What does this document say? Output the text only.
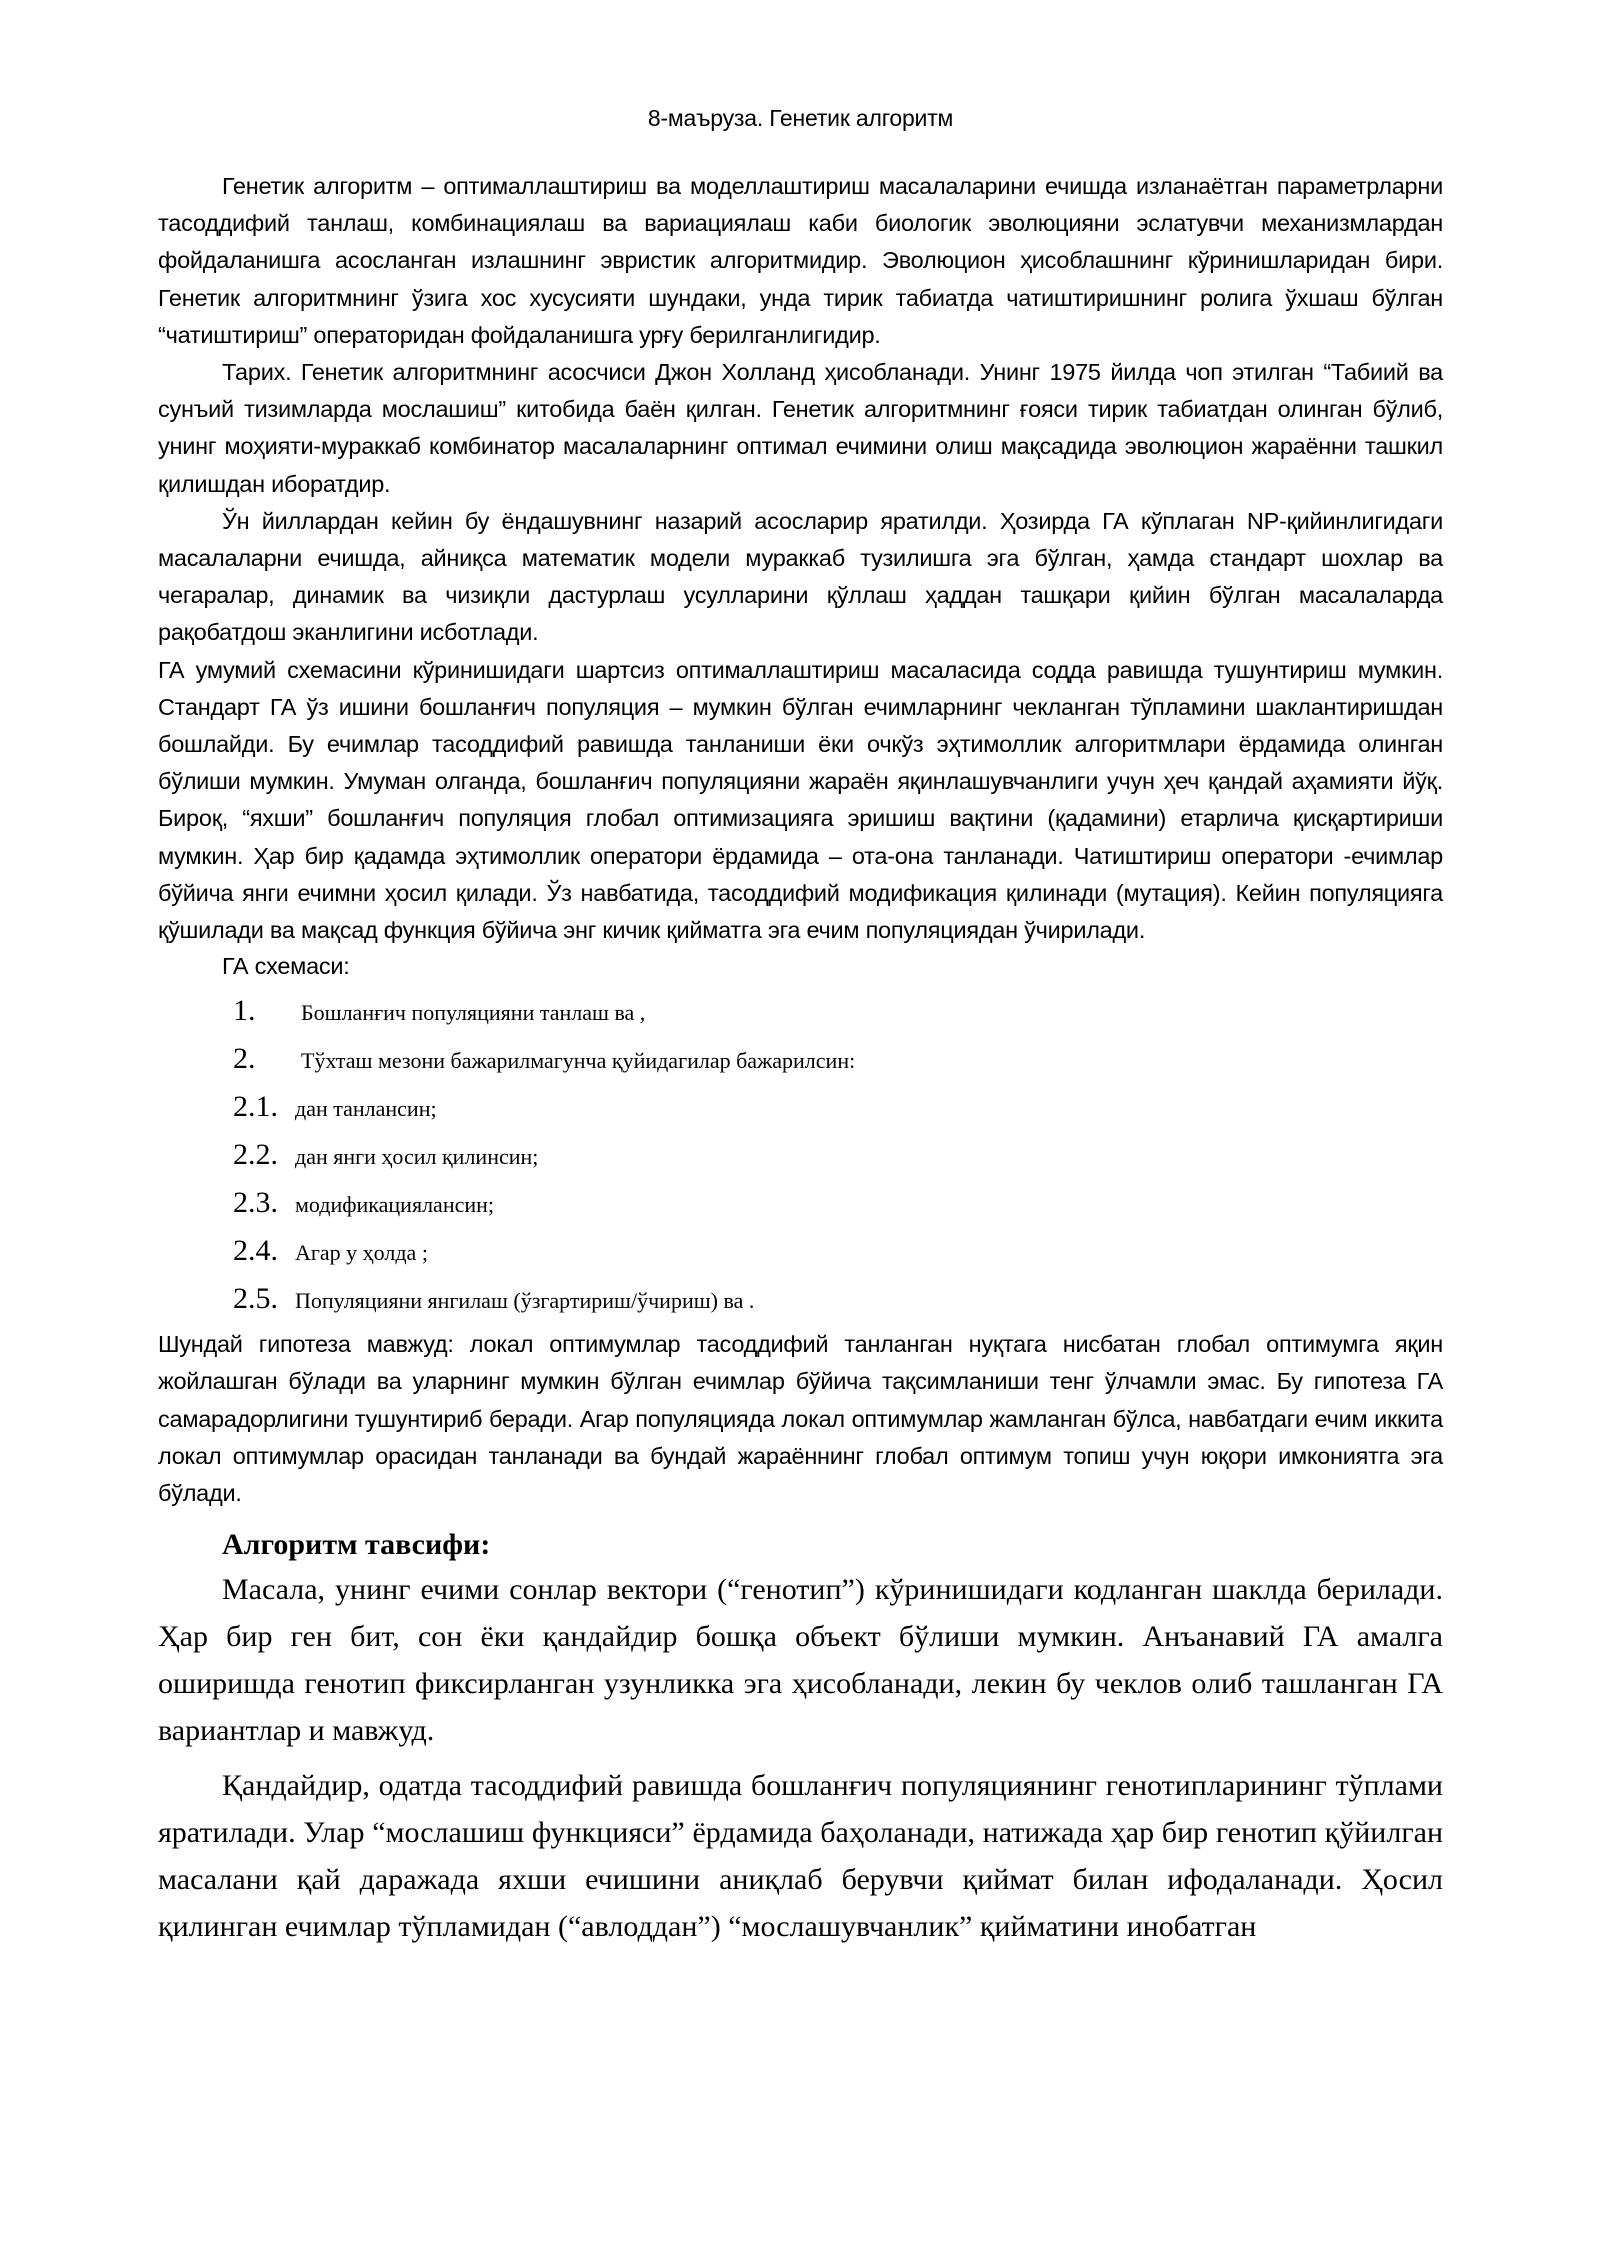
8-маъруза. Генетик алгоритм

Генетик алгоритм – оптималлаштириш ва моделлаштириш масалаларини ечишда изланаётган параметрларни тасоддифий танлаш, комбинациялаш ва вариациялаш каби биологик эволюцияни эслатувчи механизмлардан фойдаланишга асосланган излашнинг эвристик алгоритмидир. Эволюцион ҳисоблашнинг кўринишларидан бири. Генетик алгоритмнинг ўзига хос хусусияти шундаки, унда тирик табиатда чатиштиришнинг ролига ўхшаш бўлган “чатиштириш” операторидан фойдаланишга урғу берилганлигидир.

Тарих. Генетик алгоритмнинг асосчиси Джон Холланд ҳисобланади. Унинг 1975 йилда чоп этилган “Табиий ва сунъий тизимларда мослашиш” китобида баён қилган. Генетик алгоритмнинг ғояси тирик табиатдан олинган бўлиб, унинг моҳияти-мураккаб комбинатор масалаларнинг оптимал ечимини олиш мақсадида эволюцион жараённи ташкил қилишдан иборатдир.

Ўн йиллардан кейин бу ёндашувнинг назарий асосларир яратилди. Ҳозирда ГА кўплаган NP-қийинлигидаги масалаларни ечишда, айниқса математик модели мураккаб тузилишга эга бўлган, ҳамда стандарт шохлар ва чегаралар, динамик ва чизиқли дастурлаш усулларини қўллаш ҳаддан ташқари қийин бўлган масалаларда рақобатдош эканлигини исботлади.

ГА умумий схемасини кўринишидаги шартсиз оптималлаштириш масаласида содда равишда тушунтириш мумкин. Стандарт ГА ўз ишини бошланғич популяция – мумкин бўлган ечимларнинг чекланган тўпламини шаклантиришдан бошлайди. Бу ечимлар тасоддифий равишда танланиши ёки очкўз эҳтимоллик алгоритмлари ёрдамида олинган бўлиши мумкин. Умуман олганда, бошланғич популяцияни жараён яқинлашувчанлиги учун ҳеч қандай аҳамияти йўқ. Бироқ, “яхши” бошланғич популяция глобал оптимизацияга эришиш вақтини (қадамини) етарлича қисқартириши мумкин. Ҳар бир қадамда эҳтимоллик оператори ёрдамида – ота-она танланади. Чатиштириш оператори -ечимлар бўйича янги ечимни ҳосил қилади. Ўз навбатида, тасоддифий модификация қилинади (мутация). Кейин популяцияга қўшилади ва мақсад функция бўйича энг кичик қийматга эга ечим популяциядан ўчирилади.

ГА схемаси:
1.	Бошланғич популяцияни танлаш ва ,
2.	Тўхташ мезони бажарилмагунча қуйидагилар бажарилсин:
2.1. дан танлансин;
2.2. дан янги ҳосил қилинсин;
2.3. модификациялансин;
2.4. Агар у ҳолда ;
2.5. Популяцияни янгилаш (ўзгартириш/ўчириш) ва .

Шундай гипотеза мавжуд: локал оптимумлар тасоддифий танланган нуқтага нисбатан глобал оптимумга яқин жойлашган бўлади ва уларнинг мумкин бўлган ечимлар бўйича тақсимланиши тенг ўлчамли эмас. Бу гипотеза ГА самарадорлигини тушунтириб беради. Агар популяцияда локал оптимумлар жамланган бўлса, навбатдаги ечим иккита локал оптимумлар орасидан танланади ва бундай жараённинг глобал оптимум топиш учун юқори имкониятга эга бўлади.

Алгоритм тавсифи:

Масала, унинг ечими сонлар вектори (“генотип”) кўринишидаги кодланган шаклда берилади. Ҳар бир ген бит, сон ёки қандайдир бошқа объект бўлиши мумкин. Анъанавий ГА амалга оширишда генотип фиксирланган узунликка эга ҳисобланади, лекин бу чеклов олиб ташланган ГА вариантлар и мавжуд.

Қандайдир, одатда тасоддифий равишда бошланғич популяциянинг генотипларининг тўплами яратилади. Улар “мослашиш функцияси” ёрдамида баҳоланади, натижада ҳар бир генотип қўйилган масалани қай даражада яхши ечишини аниқлаб берувчи қиймат билан ифодаланади. Ҳосил қилинган ечимлар тўпламидан (“авлоддан”) “мослашувчанлик” қийматини инобатган
